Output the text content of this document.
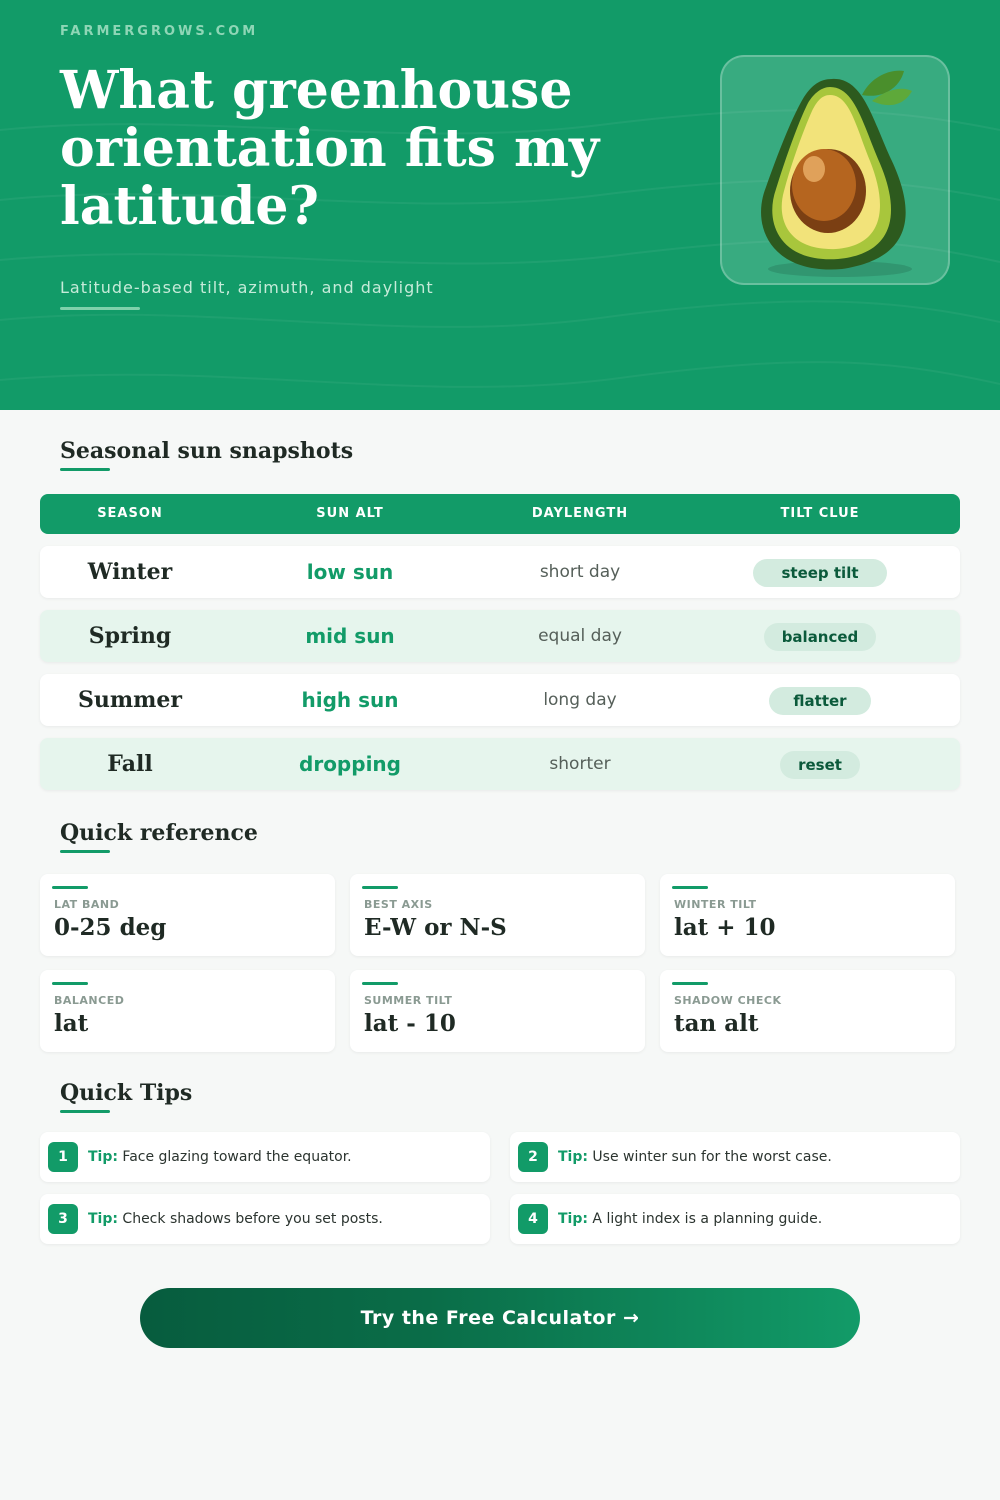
FARMERGROWS.COM
What greenhouse orientation fits my latitude?
Latitude-based tilt, azimuth, and daylight
Seasonal sun snapshots
SEASON	SUN ALT	DAYLENGTH	TILT CLUE
Winter	low sun	short day	steep tilt
Spring	mid sun	equal day	balanced
Summer	high sun	long day	flatter
Fall	dropping	shorter	reset
Quick reference
LAT BAND
0-25 deg
BEST AXIS
E-W or N-S
WINTER TILT
lat + 10
BALANCED
lat
SUMMER TILT
lat - 10
SHADOW CHECK
tan alt
Quick Tips
1	Tip: Face glazing toward the equator.	2	Tip: Use winter sun for the worst case.
3	Tip: Check shadows before you set posts.	4	Tip: A light index is a planning guide.
Try the Free Calculator →
